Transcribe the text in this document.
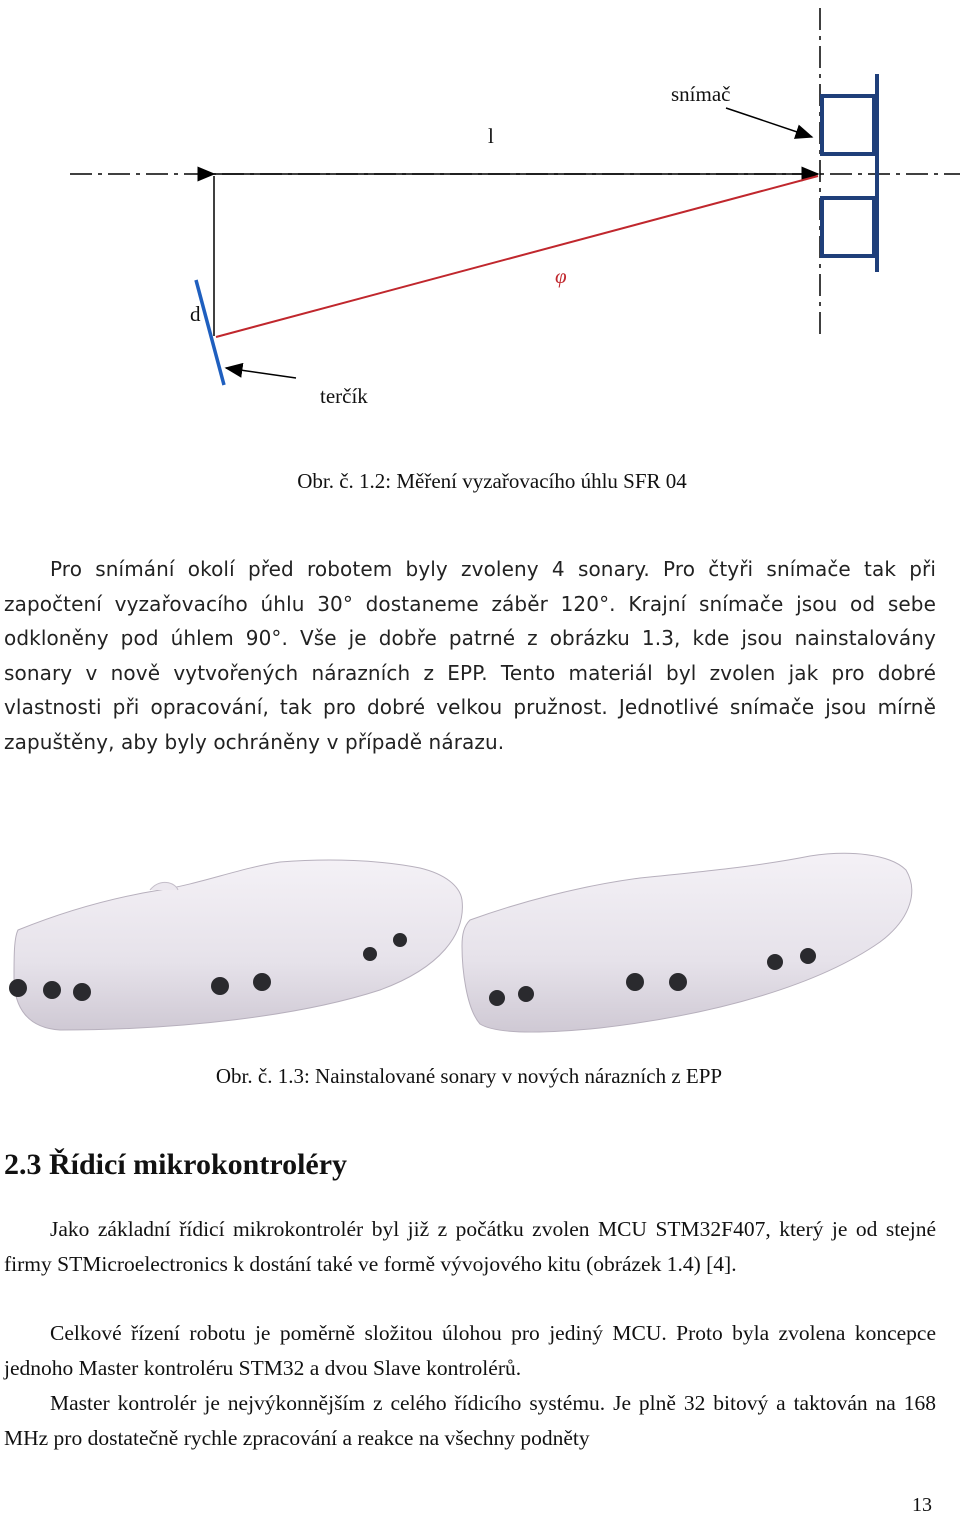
snímač
l
φ
d
terčík
Obr. č. 1.2: Měření vyzařovacího úhlu SFR 04
Pro snímání okolí před robotem byly zvoleny 4 sonary. Pro čtyři snímače tak při započtení vyzařovacího úhlu 30° dostaneme záběr 120°. Krajní snímače jsou od sebe odkloněny pod úhlem 90°. Vše je dobře patrné z obrázku 1.3, kde jsou nainstalovány sonary v nově vytvořených nárazních z EPP. Tento materiál byl zvolen jak pro dobré vlastnosti při opracování, tak pro dobré velkou pružnost. Jednotlivé snímače jsou mírně zapuštěny, aby byly ochráněny v případě nárazu.
Obr. č. 1.3: Nainstalované sonary v nových nárazních z EPP
2.3 Řídicí mikrokontroléry
Jako základní řídicí mikrokontrolér byl již z počátku zvolen MCU STM32F407, který je od stejné firmy STMicroelectronics k dostání také ve formě vývojového kitu (obrázek 1.4) [4].
Celkové řízení robotu je poměrně složitou úlohou pro jediný MCU. Proto byla zvolena koncepce jednoho Master kontroléru STM32 a dvou Slave kontrolérů.
Master kontrolér je nejvýkonnějším z celého řídicího systému. Je plně 32 bitový a taktován na 168 MHz pro dostatečně rychle zpracování a reakce na všechny podněty
13
